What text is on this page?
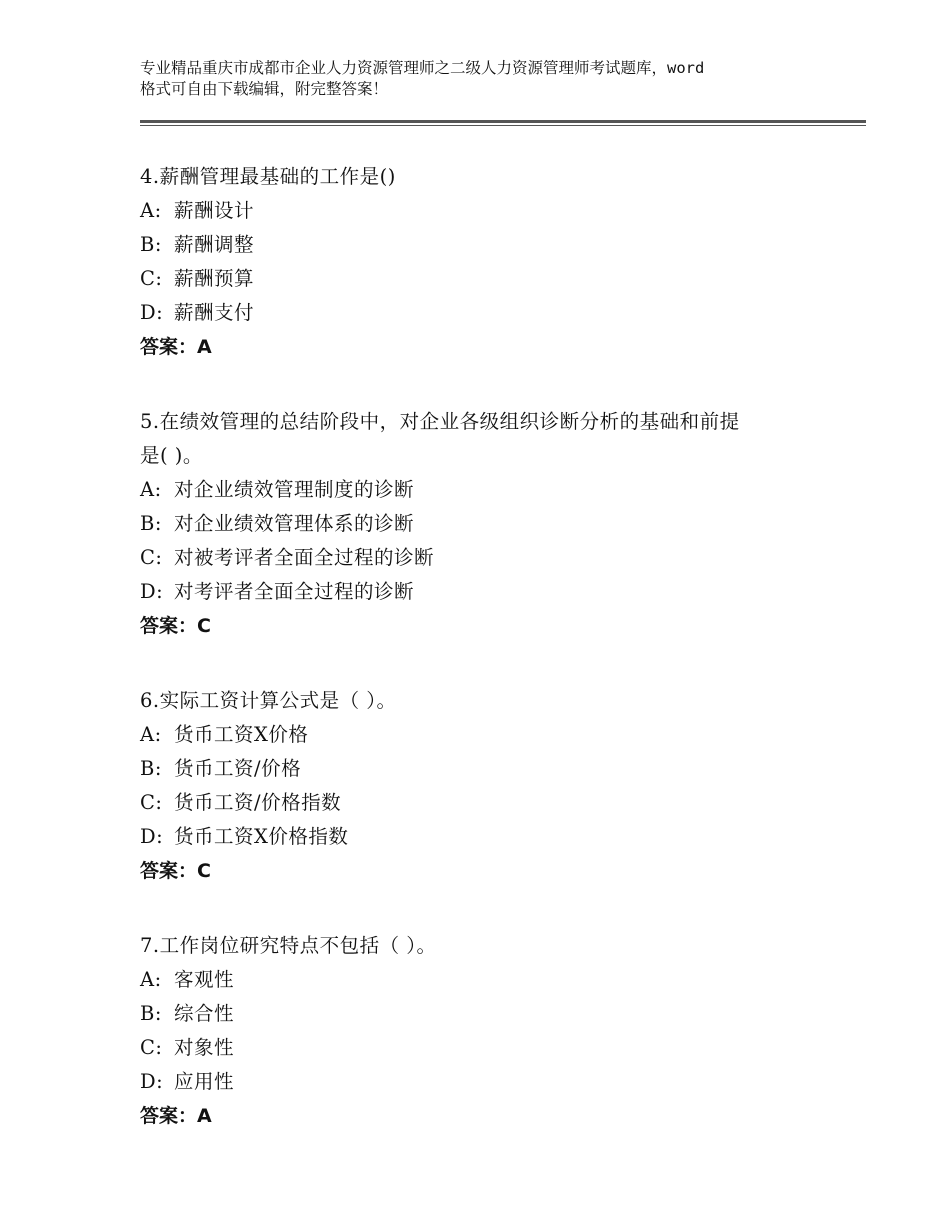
专业精品重庆市成都市企业人力资源管理师之二级人力资源管理师考试题库，word
格式可自由下载编辑，附完整答案！
4.薪酬管理最基础的工作是()
A: 薪酬设计
B: 薪酬调整
C: 薪酬预算
D: 薪酬支付
答案：A
5.在绩效管理的总结阶段中，对企业各级组织诊断分析的基础和前提
是( )。
A: 对企业绩效管理制度的诊断
B: 对企业绩效管理体系的诊断
C: 对被考评者全面全过程的诊断
D: 对考评者全面全过程的诊断
答案：C
6.实际工资计算公式是（ ）。
A: 货币工资X价格
B: 货币工资/价格
C: 货币工资/价格指数
D: 货币工资X价格指数
答案：C
7.工作岗位研究特点不包括（ ）。
A: 客观性
B: 综合性
C: 对象性
D: 应用性
答案：A
